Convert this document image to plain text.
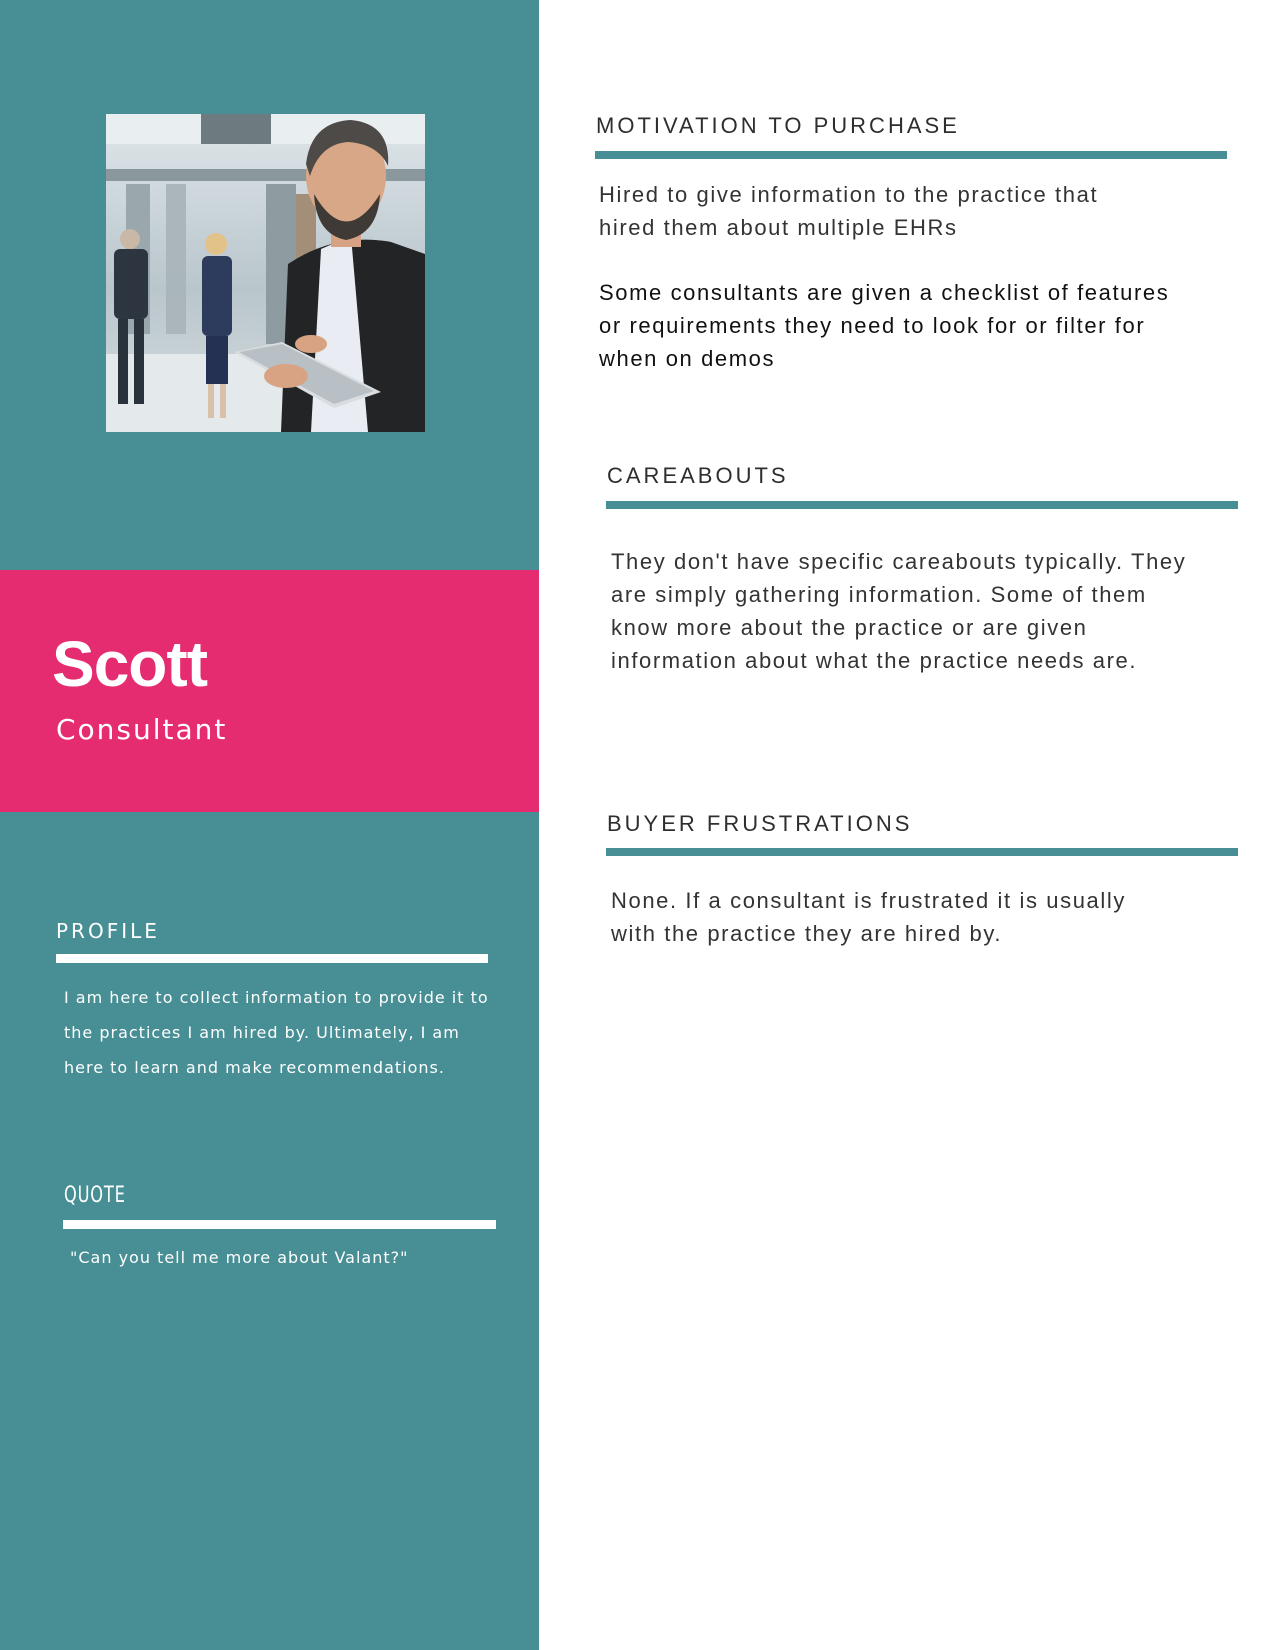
Scott
Consultant
PROFILE
I am here to collect information to provide it to the practices I am hired by. Ultimately, I am here to learn and make recommendations.
QUOTE
"Can you tell me more about Valant?"
MOTIVATION TO PURCHASE
Hired to give information to the practice that hired them about multiple EHRs
Some consultants are given a checklist of features or requirements they need to look for or filter for when on demos
CAREABOUTS
They don't have specific careabouts typically. They are simply gathering information. Some of them know more about the practice or are given information about what the practice needs are.
BUYER FRUSTRATIONS
None. If a consultant is frustrated it is usually with the practice they are hired by.
